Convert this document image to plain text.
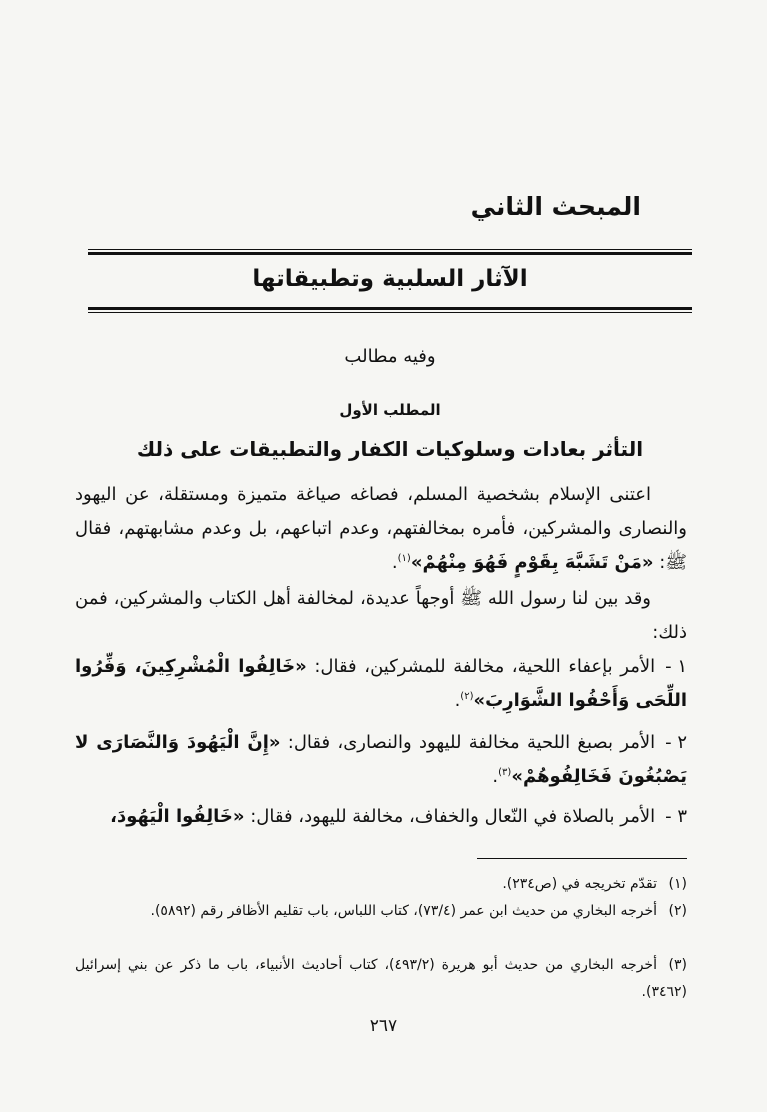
المبحث الثاني
الآثار السلبية وتطبيقاتها
وفيه مطالب
المطلب الأول
التأثر بعادات وسلوكيات الكفار والتطبيقات على ذلك

اعتنى الإسلام بشخصية المسلم، فصاغه صياغة متميزة ومستقلة، عن اليهود والنصارى والمشركين، فأمره بمخالفتهم، وعدم اتباعهم، بل وعدم مشابهتهم، فقال ﷺ: «مَنْ تَشَبَّهَ بِقَوْمٍ فَهُوَ مِنْهُمْ»$^{(١)}$.

وقد بين لنا رسول الله ﷺ أوجهاً عديدة، لمخالفة أهل الكتاب والمشركين، فمن ذلك:

١ -الأمر بإعفاء اللحية، مخالفة للمشركين، فقال: «خَالِفُوا الْمُشْرِكِينَ، وَفِّرُوا اللِّحَى وَأَحْفُوا الشَّوَارِبَ»$^{(٢)}$.

٢ -الأمر بصبغ اللحية مخالفة لليهود والنصارى، فقال: «إِنَّ الْيَهُودَ وَالنَّصَارَى لا يَصْبُغُونَ فَخَالِفُوهُمْ»$^{(٣)}$.

٣ -الأمر بالصلاة في النّعال والخفاف، مخالفة لليهود، فقال: «خَالِفُوا الْيَهُودَ،

(١)تقدّم تخريجه في (ص٢٣٤).

(٢)أخرجه البخاري من حديث ابن عمر (٧٣/٤)، كتاب اللباس، باب تقليم الأظافر رقم (٥٨٩٢).

(٣)أخرجه البخاري من حديث أبو هريرة (٤٩٣/٢)، كتاب أحاديث الأنبياء، باب ما ذكر عن بني إسرائيل (٣٤٦٢).

٢٦٧
